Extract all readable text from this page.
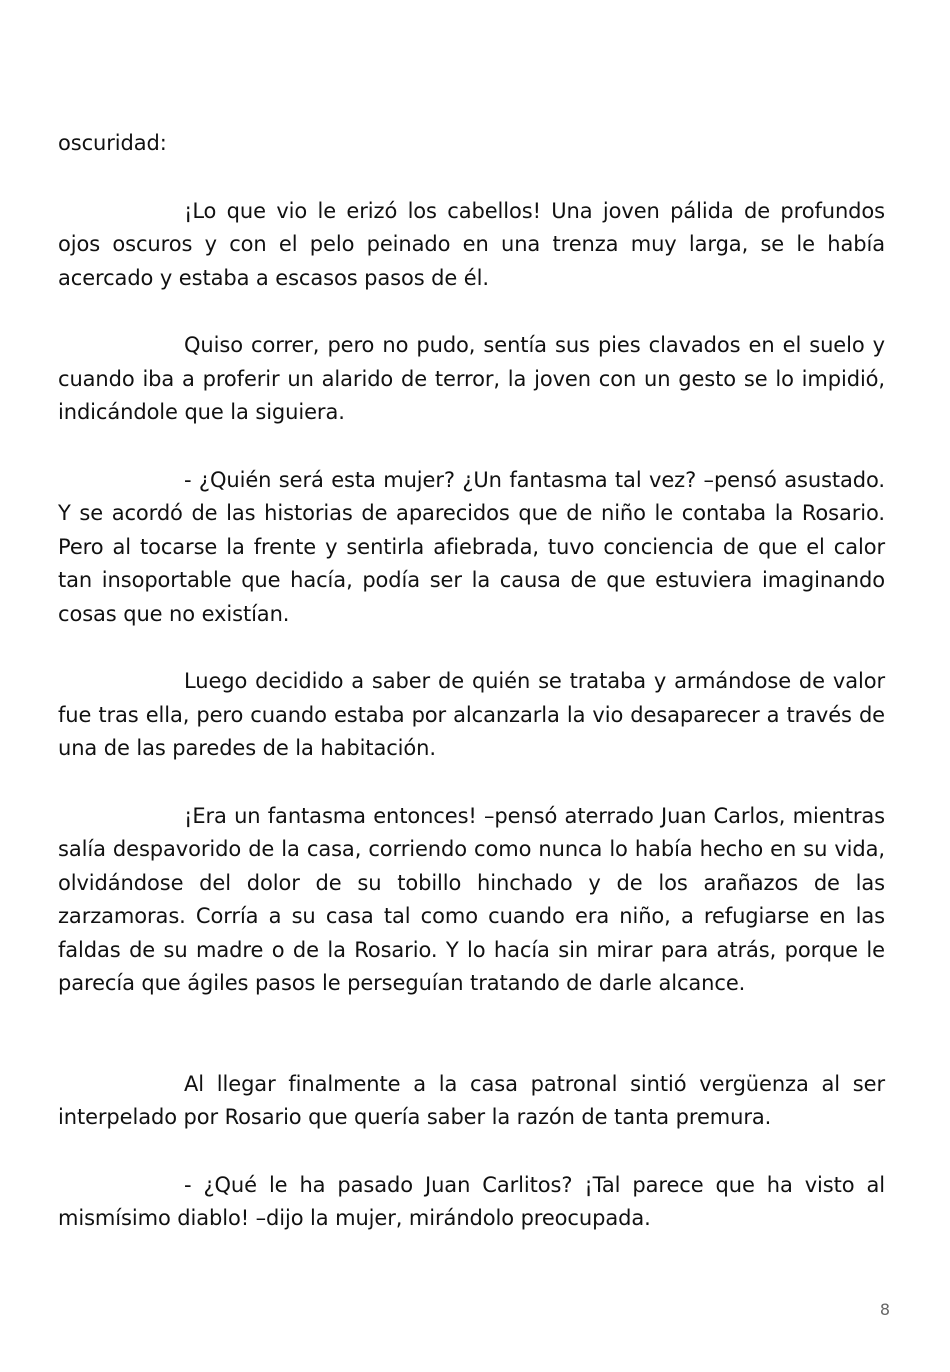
oscuridad:

¡Lo que vio le erizó los cabellos! Una joven pálida de profundos ojos oscuros y con el pelo peinado en una trenza muy larga, se le había acercado y estaba a escasos pasos de él.

Quiso correr, pero no pudo, sentía sus pies clavados en el suelo y cuando iba a proferir un alarido de terror, la joven con un gesto se lo impidió, indicándole que la siguiera.

- ¿Quién será esta mujer? ¿Un fantasma tal vez? –pensó asustado. Y se acordó de las historias de aparecidos que de niño le contaba la Rosario. Pero al tocarse la frente y sentirla afiebrada, tuvo conciencia de que el calor tan insoportable que hacía, podía ser la causa de que estuviera imaginando cosas que no existían.

Luego decidido a saber de quién se trataba y armándose de valor fue tras ella, pero cuando estaba por alcanzarla la vio desaparecer a través de una de las paredes de la habitación.

¡Era un fantasma entonces! –pensó aterrado Juan Carlos, mientras salía despavorido de la casa, corriendo como nunca lo había hecho en su vida, olvidándose del dolor de su tobillo hinchado y de los arañazos de las zarzamoras. Corría a su casa tal como cuando era niño, a refugiarse en las faldas de su madre o de la Rosario. Y lo hacía sin mirar para atrás, porque le parecía que ágiles pasos le perseguían tratando de darle alcance.

Al llegar finalmente a la casa patronal sintió vergüenza al ser interpelado por Rosario que quería saber la razón de tanta premura.

- ¿Qué le ha pasado Juan Carlitos? ¡Tal parece que ha visto al mismísimo diablo! –dijo la mujer, mirándolo preocupada.

8
